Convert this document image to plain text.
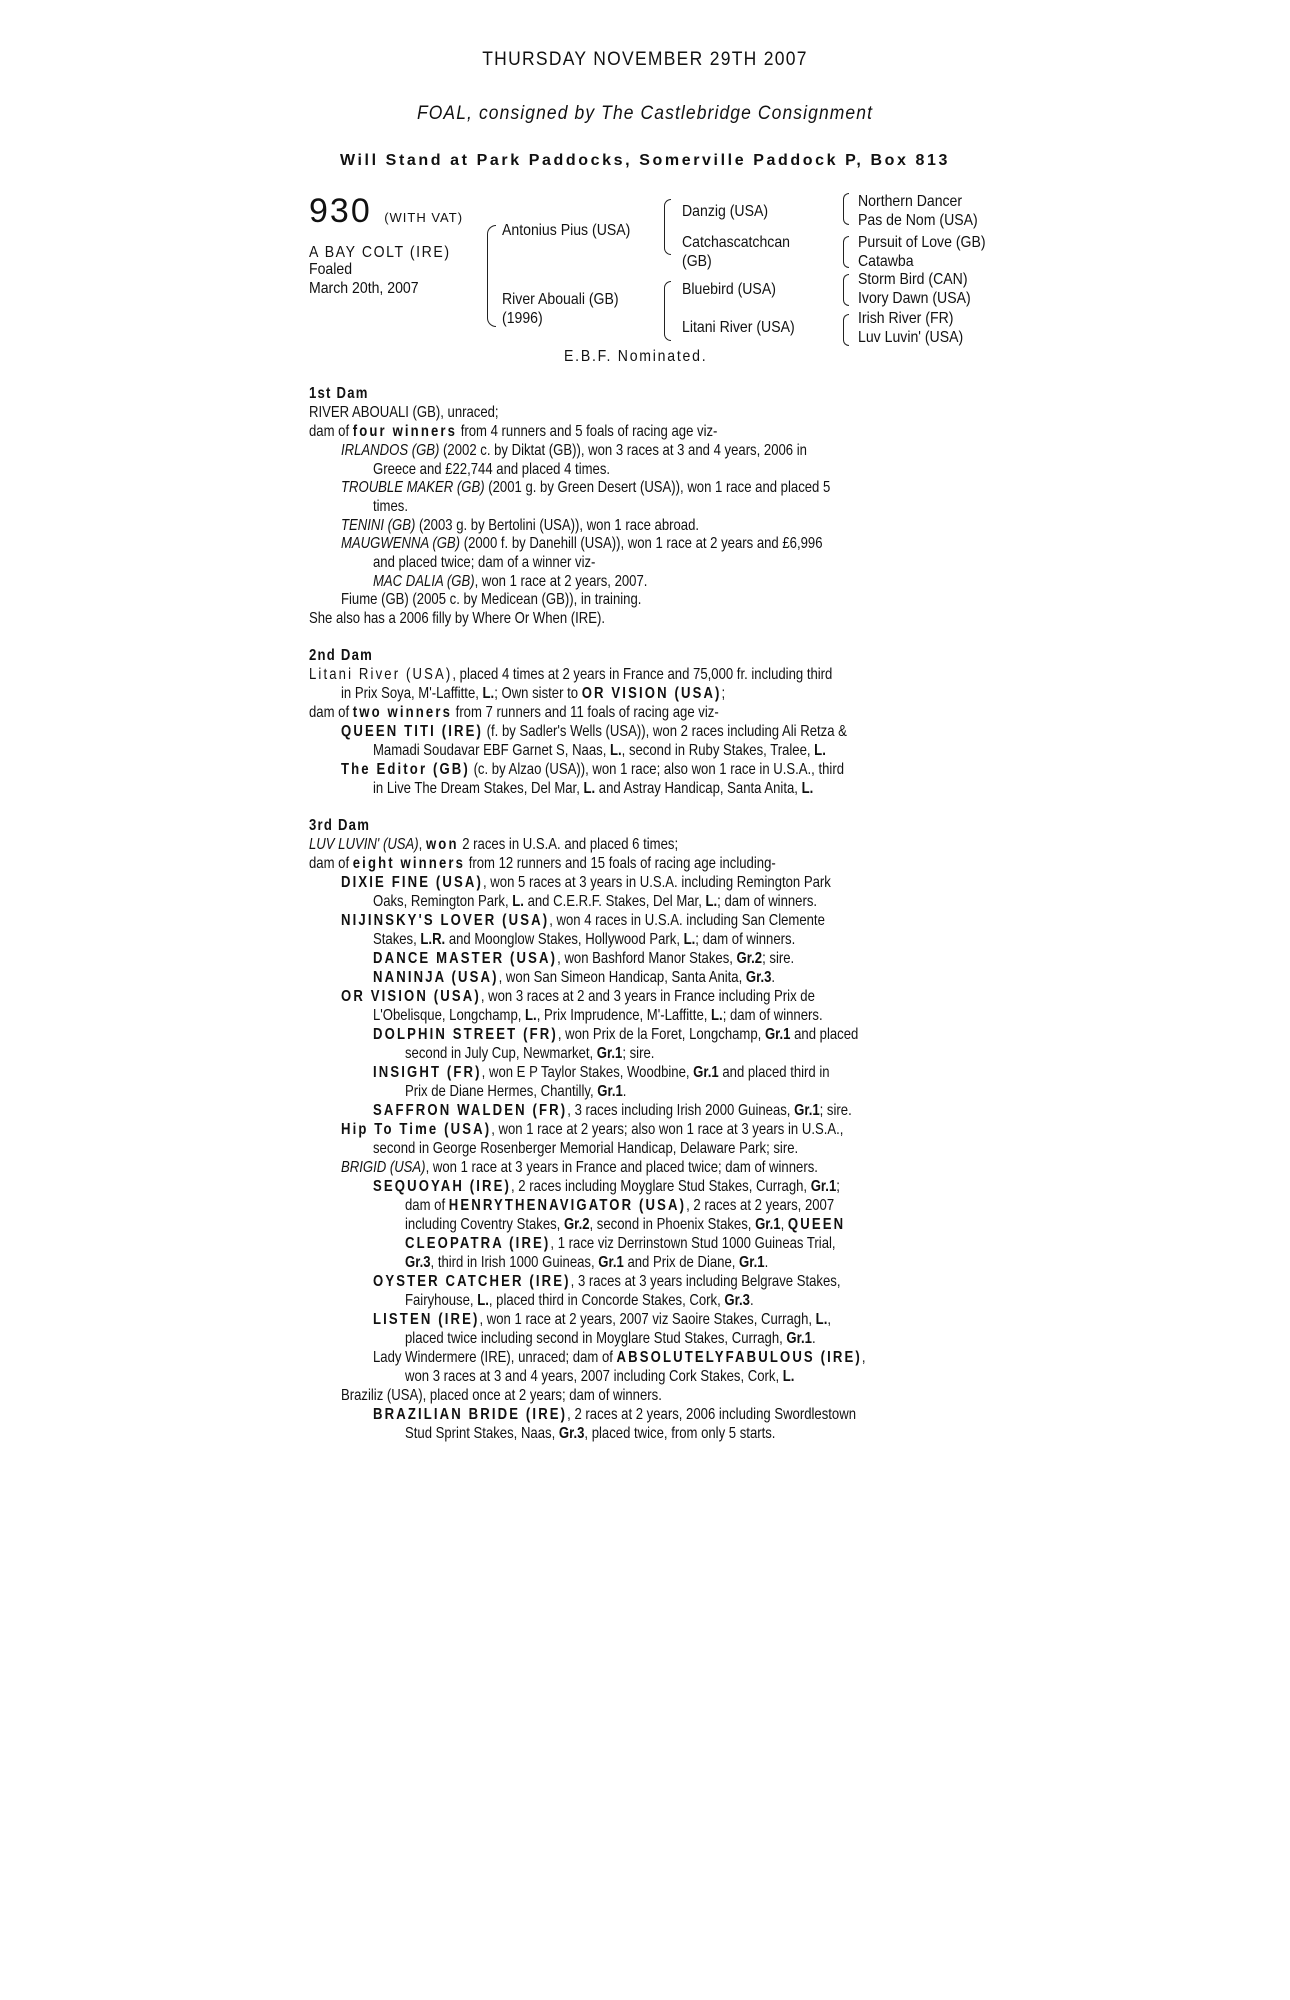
THURSDAY NOVEMBER 29TH 2007
FOAL, consigned by The Castlebridge Consignment
Will Stand at Park Paddocks, Somerville Paddock P, Box 813
930 (WITH VAT)
A BAY COLT (IRE)
Foaled
March 20th, 2007
Antonius Pius (USA)
River Abouali (GB)
(1996)
Danzig (USA)
Catchascatchcan
(GB)
Bluebird (USA)
Litani River (USA)
Northern Dancer
Pas de Nom (USA)
Pursuit of Love (GB)
Catawba
Storm Bird (CAN)
Ivory Dawn (USA)
Irish River (FR)
Luv Luvin' (USA)
E.B.F. Nominated.
1st Dam
RIVER ABOUALI (GB), unraced;
dam of four winners from 4 runners and 5 foals of racing age viz-
IRLANDOS (GB) (2002 c. by Diktat (GB)), won 3 races at 3 and 4 years, 2006 in
Greece and £22,744 and placed 4 times.
TROUBLE MAKER (GB) (2001 g. by Green Desert (USA)), won 1 race and placed 5
times.
TENINI (GB) (2003 g. by Bertolini (USA)), won 1 race abroad.
MAUGWENNA (GB) (2000 f. by Danehill (USA)), won 1 race at 2 years and £6,996
and placed twice; dam of a winner viz-
MAC DALIA (GB), won 1 race at 2 years, 2007.
Fiume (GB) (2005 c. by Medicean (GB)), in training.
She also has a 2006 filly by Where Or When (IRE).
2nd Dam
Litani River (USA), placed 4 times at 2 years in France and 75,000 fr. including third
in Prix Soya, M'-Laffitte, L.; Own sister to OR VISION (USA);
dam of two winners from 7 runners and 11 foals of racing age viz-
QUEEN TITI (IRE) (f. by Sadler's Wells (USA)), won 2 races including Ali Retza &
Mamadi Soudavar EBF Garnet S, Naas, L., second in Ruby Stakes, Tralee, L.
The Editor (GB) (c. by Alzao (USA)), won 1 race; also won 1 race in U.S.A., third
in Live The Dream Stakes, Del Mar, L. and Astray Handicap, Santa Anita, L.
3rd Dam
LUV LUVIN' (USA), won 2 races in U.S.A. and placed 6 times;
dam of eight winners from 12 runners and 15 foals of racing age including-
DIXIE FINE (USA), won 5 races at 3 years in U.S.A. including Remington Park
Oaks, Remington Park, L. and C.E.R.F. Stakes, Del Mar, L.; dam of winners.
NIJINSKY'S LOVER (USA), won 4 races in U.S.A. including San Clemente
Stakes, L.R. and Moonglow Stakes, Hollywood Park, L.; dam of winners.
DANCE MASTER (USA), won Bashford Manor Stakes, Gr.2; sire.
NANINJA (USA), won San Simeon Handicap, Santa Anita, Gr.3.
OR VISION (USA), won 3 races at 2 and 3 years in France including Prix de
L'Obelisque, Longchamp, L., Prix Imprudence, M'-Laffitte, L.; dam of winners.
DOLPHIN STREET (FR), won Prix de la Foret, Longchamp, Gr.1 and placed
second in July Cup, Newmarket, Gr.1; sire.
INSIGHT (FR), won E P Taylor Stakes, Woodbine, Gr.1 and placed third in
Prix de Diane Hermes, Chantilly, Gr.1.
SAFFRON WALDEN (FR), 3 races including Irish 2000 Guineas, Gr.1; sire.
Hip To Time (USA), won 1 race at 2 years; also won 1 race at 3 years in U.S.A.,
second in George Rosenberger Memorial Handicap, Delaware Park; sire.
BRIGID (USA), won 1 race at 3 years in France and placed twice; dam of winners.
SEQUOYAH (IRE), 2 races including Moyglare Stud Stakes, Curragh, Gr.1;
dam of HENRYTHENAVIGATOR (USA), 2 races at 2 years, 2007
including Coventry Stakes, Gr.2, second in Phoenix Stakes, Gr.1, QUEEN
CLEOPATRA (IRE), 1 race viz Derrinstown Stud 1000 Guineas Trial,
Gr.3, third in Irish 1000 Guineas, Gr.1 and Prix de Diane, Gr.1.
OYSTER CATCHER (IRE), 3 races at 3 years including Belgrave Stakes,
Fairyhouse, L., placed third in Concorde Stakes, Cork, Gr.3.
LISTEN (IRE), won 1 race at 2 years, 2007 viz Saoire Stakes, Curragh, L.,
placed twice including second in Moyglare Stud Stakes, Curragh, Gr.1.
Lady Windermere (IRE), unraced; dam of ABSOLUTELYFABULOUS (IRE),
won 3 races at 3 and 4 years, 2007 including Cork Stakes, Cork, L.
Braziliz (USA), placed once at 2 years; dam of winners.
BRAZILIAN BRIDE (IRE), 2 races at 2 years, 2006 including Swordlestown
Stud Sprint Stakes, Naas, Gr.3, placed twice, from only 5 starts.
